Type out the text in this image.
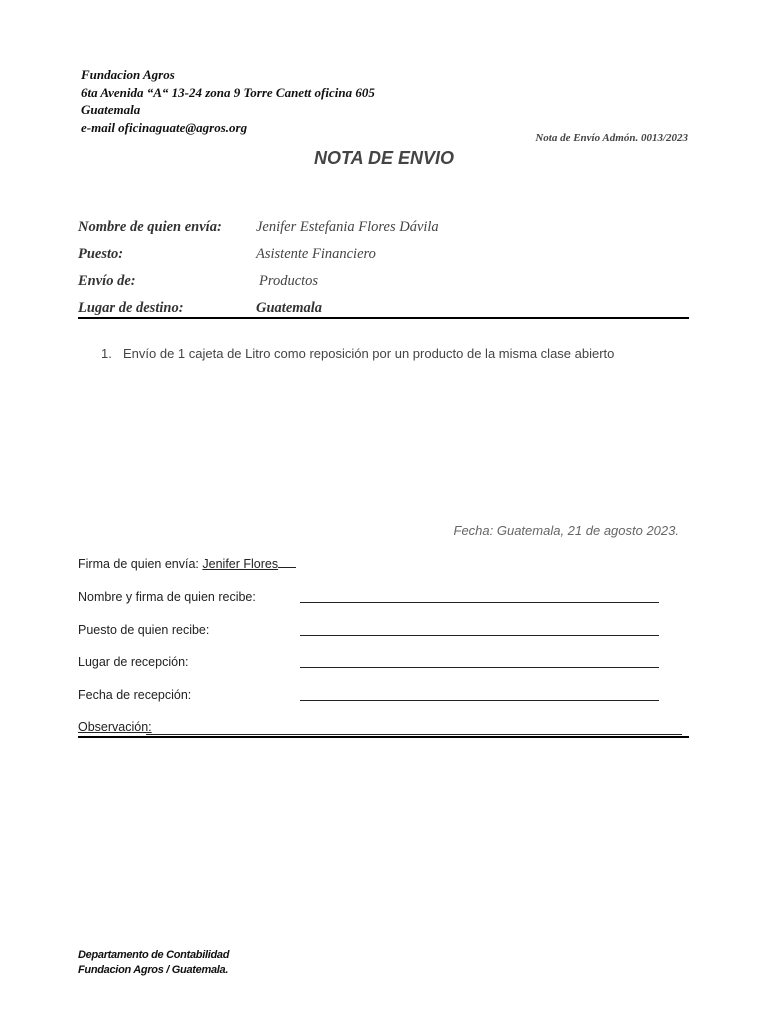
Fundacion Agros
6ta Avenida “A“ 13-24 zona 9 Torre Canett oficina 605
Guatemala
e-mail oficinaguate@agros.org
Nota de Envío Admón. 0013/2023
NOTA DE ENVIO
Nombre de quien envía: Jenifer Estefania Flores Dávila
Puesto:	Asistente Financiero
Envío de:	Productos
Lugar de destino:	Guatemala
1. Envío de 1 cajeta de Litro como reposición por un producto de la misma clase abierto
Fecha: Guatemala, 21 de agosto 2023.
Firma de quien envía: Jenifer Flores
Nombre y firma de quien recibe:
Puesto de quien recibe:
Lugar de recepción:
Fecha de recepción:
Observación:
Departamento de Contabilidad
Fundacion Agros / Guatemala.
